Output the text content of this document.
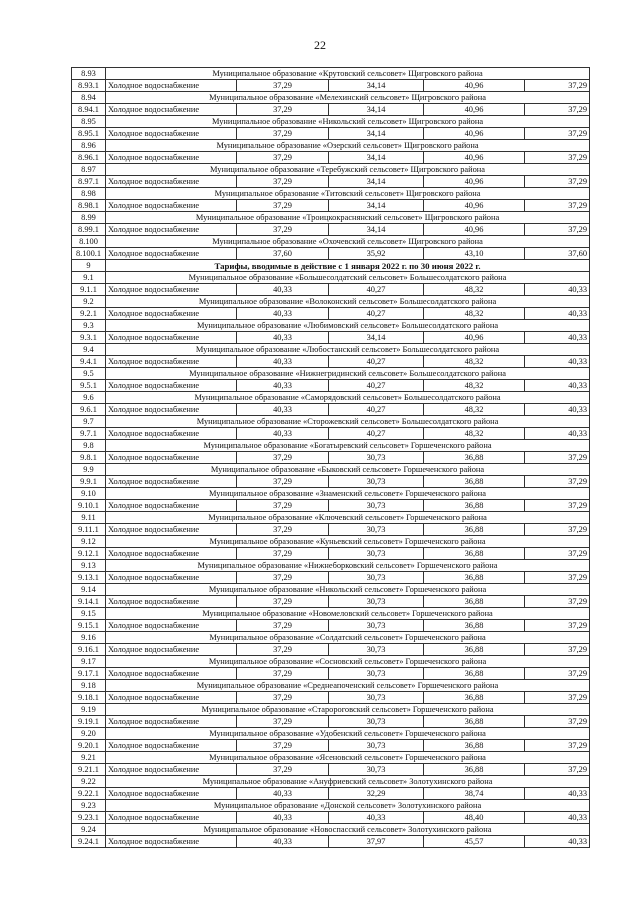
22
8.93	Муниципальное образование «Крутовский сельсовет» Щигровского района				
8.93.1	Холодное водоснабжение	37,29	34,14	40,96	37,29
8.94	Муниципальное образование «Мелехинский сельсовет» Щигровского района				
8.94.1	Холодное водоснабжение	37,29	34,14	40,96	37,29
8.95	Муниципальное образование «Никольский сельсовет» Щигровского района				
8.95.1	Холодное водоснабжение	37,29	34,14	40,96	37,29
8.96	Муниципальное образование «Озерский сельсовет» Щигровского района				
8.96.1	Холодное водоснабжение	37,29	34,14	40,96	37,29
8.97	Муниципальное образование «Теребужский сельсовет» Щигровского района				
8.97.1	Холодное водоснабжение	37,29	34,14	40,96	37,29
8.98	Муниципальное образование «Титовский сельсовет» Щигровского района				
8.98.1	Холодное водоснабжение	37,29	34,14	40,96	37,29
8.99	Муниципальное образование «Троицкокраснянский сельсовет» Щигровского района				
8.99.1	Холодное водоснабжение	37,29	34,14	40,96	37,29
8.100	Муниципальное образование «Охочевский сельсовет» Щигровского района				
8.100.1	Холодное водоснабжение	37,60	35,92	43,10	37,60
9	Тарифы, вводимые в действие с 1 января 2022 г. по 30 июня 2022 г.				
9.1	Муниципальное образование «Большесолдатский сельсовет» Большесолдатского района				
9.1.1	Холодное водоснабжение	40,33	40,27	48,32	40,33
9.2	Муниципальное образование «Волоконский сельсовет» Большесолдатского района				
9.2.1	Холодное водоснабжение	40,33	40,27	48,32	40,33
9.3	Муниципальное образование «Любимовский сельсовет» Большесолдатского района				
9.3.1	Холодное водоснабжение	40,33	34,14	40,96	40,33
9.4	Муниципальное образование «Любостанский сельсовет» Большесолдатского района				
9.4.1	Холодное водоснабжение	40,33	40,27	48,32	40,33
9.5	Муниципальное образование «Нижнегридинский сельсовет» Большесолдатского района				
9.5.1	Холодное водоснабжение	40,33	40,27	48,32	40,33
9.6	Муниципальное образование «Саморядовский сельсовет» Большесолдатского района				
9.6.1	Холодное водоснабжение	40,33	40,27	48,32	40,33
9.7	Муниципальное образование «Сторожевский сельсовет» Большесолдатского района				
9.7.1	Холодное водоснабжение	40,33	40,27	48,32	40,33
9.8	Муниципальное образование «Богатыревский сельсовет» Горшеченского района				
9.8.1	Холодное водоснабжение	37,29	30,73	36,88	37,29
9.9	Муниципальное образование «Быковский сельсовет» Горшеченского района				
9.9.1	Холодное водоснабжение	37,29	30,73	36,88	37,29
9.10	Муниципальное образование «Знаменский сельсовет» Горшеченского района				
9.10.1	Холодное водоснабжение	37,29	30,73	36,88	37,29
9.11	Муниципальное образование «Ключевский сельсовет» Горшеченского района				
9.11.1	Холодное водоснабжение	37,29	30,73	36,88	37,29
9.12	Муниципальное образование «Куньевский сельсовет» Горшеченского района				
9.12.1	Холодное водоснабжение	37,29	30,73	36,88	37,29
9.13	Муниципальное образование «Нижнеборковский сельсовет» Горшеченского района				
9.13.1	Холодное водоснабжение	37,29	30,73	36,88	37,29
9.14	Муниципальное образование «Никольский сельсовет» Горшеченского района				
9.14.1	Холодное водоснабжение	37,29	30,73	36,88	37,29
9.15	Муниципальное образование «Новомеловский сельсовет» Горшеченского района				
9.15.1	Холодное водоснабжение	37,29	30,73	36,88	37,29
9.16	Муниципальное образование «Солдатский сельсовет» Горшеченского района				
9.16.1	Холодное водоснабжение	37,29	30,73	36,88	37,29
9.17	Муниципальное образование «Сосновский сельсовет» Горшеченского района				
9.17.1	Холодное водоснабжение	37,29	30,73	36,88	37,29
9.18	Муниципальное образование «Среднеапоченский сельсовет» Горшеченского района				
9.18.1	Холодное водоснабжение	37,29	30,73	36,88	37,29
9.19	Муниципальное образование «Старороговский сельсовет» Горшеченского района				
9.19.1	Холодное водоснабжение	37,29	30,73	36,88	37,29
9.20	Муниципальное образование «Удобенский сельсовет» Горшеченского района				
9.20.1	Холодное водоснабжение	37,29	30,73	36,88	37,29
9.21	Муниципальное образование «Ясеновский сельсовет» Горшеченского района				
9.21.1	Холодное водоснабжение	37,29	30,73	36,88	37,29
9.22	Муниципальное образование «Ануфриевский сельсовет» Золотухинского района				
9.22.1	Холодное водоснабжение	40,33	32,29	38,74	40,33
9.23	Муниципальное образование «Донской сельсовет» Золотухинского района				
9.23.1	Холодное водоснабжение	40,33	40,33	48,40	40,33
9.24	Муниципальное образование «Новоспасский сельсовет» Золотухинского района				
9.24.1	Холодное водоснабжение	40,33	37,97	45,57	40,33
